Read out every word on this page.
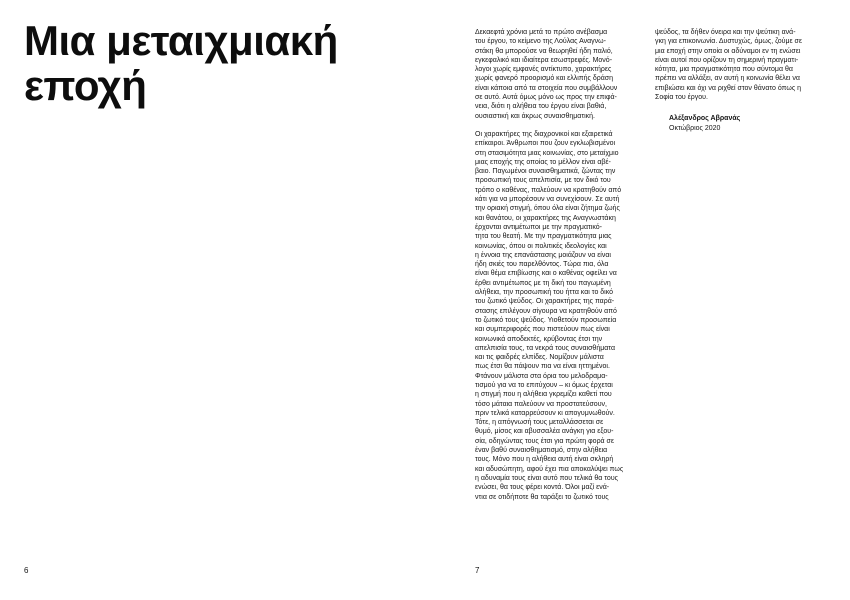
Μια μεταιχμιακή
εποχή
6

Δεκαεφτά χρόνια μετά το πρώτο ανέβασμα

του έργου, το κείμενο της Λούλας Αναγνω-

στάκη θα μπορούσε να θεωρηθεί ήδη παλιό,

εγκεφαλικό και ιδιαίτερα εσωστρεφές. Μονό-

λογοι χωρίς εμφανές αντίκτυπο, χαρακτήρες

χωρίς φανερό προορισμό και ελλιπής δράση

είναι κάποια από τα στοιχεία που συμβάλλουν

σε αυτό. Αυτά όμως μόνο ως προς την επιφά-

νεια, διότι η αλήθεια του έργου είναι βαθιά,

ουσιαστική και άκρως συναισθηματική.

Οι χαρακτήρες της διαχρονικοί και εξαιρετικά

επίκαιροι. Άνθρωποι που ζουν εγκλωβισμένοι

στη στασιμότητα μιας κοινωνίας, στο μεταίχμιο

μιας εποχής της οποίας το μέλλον είναι αβέ-

βαιο. Παγωμένοι συναισθηματικά, ζώντας την

προσωπική τους απελπισία, με τον δικό του

τρόπο ο καθένας, παλεύουν να κρατηθούν από

κάτι για να μπορέσουν να συνεχίσουν. Σε αυτή

την οριακή στιγμή, όπου όλα είναι ζήτημα ζωής

και θανάτου, οι χαρακτήρες της Αναγνωστάκη

έρχονται αντιμέτωποι με την πραγματικό-

τητα του θεατή. Με την πραγματικότητα μιας

κοινωνίας, όπου οι πολιτικές ιδεολογίες και

η έννοια της επανάστασης μοιάζουν να είναι

ήδη σκιές του παρελθόντος. Τώρα πια, όλα

είναι θέμα επιβίωσης και ο καθένας οφείλει να

έρθει αντιμέτωπος με τη δική του παγωμένη

αλήθεια, την προσωπική του ήττα και το δικό

του ζωτικό ψεύδος. Οι χαρακτήρες της παρά-

στασης επιλέγουν σίγουρα να κρατηθούν από

το ζωτικό τους ψεύδος. Υιοθετούν προσωπεία

και συμπεριφορές που πιστεύουν πως είναι

κοινωνικά αποδεκτές, κρύβοντας έτσι την

απελπισία τους, τα νεκρά τους συναισθήματα

και τις φαιδρές ελπίδες. Νομίζουν μάλιστα

πως έτσι θα πάψουν πια να είναι ηττημένοι.

Φτάνουν μάλιστα στα όρια του μελοδραμα-

τισμού για να το επιτύχουν – κι όμως έρχεται

η στιγμή που η αλήθεια γκρεμίζει καθετί που

τόσο μάταια παλεύουν να προστατεύσουν,

πριν τελικά καταρρεύσουν κι απογυμνωθούν.

Τότε, η απόγνωσή τους μεταλλάσσεται σε

θυμό, μίσος και αβυσσαλέα ανάγκη για εξου-

σία, οδηγώντας τους έτσι για πρώτη φορά σε

έναν βαθύ συναισθηματισμό, στην αλήθεια

τους. Μόνο που η αλήθεια αυτή είναι σκληρή

και αδυσώπητη, αφού έχει πια αποκαλύψει πως

η αδυναμία τους είναι αυτό που τελικά θα τους

ενώσει, θα τους φέρει κοντά. Όλοι μαζί ενά-

ντια σε οτιδήποτε θα ταράξει το ζωτικό τους

ψεύδος, τα δήθεν όνειρα και την ψεύτικη ανά-

γκη για επικοινωνία. Δυστυχώς, όμως, ζούμε σε

μια εποχή στην οποία οι αδύναμοι εν τη ενώσει

είναι αυτοί που ορίζουν τη σημερινή πραγματι-

κότητα, μια πραγματικότητα που σύντομα θα

πρέπει να αλλάξει, αν αυτή η κοινωνία θέλει να

επιβιώσει και όχι να ριχθεί στον θάνατο όπως η

Σοφία του έργου.

Αλέξανδρος Αβρανάς
Οκτώβριος 2020
7
